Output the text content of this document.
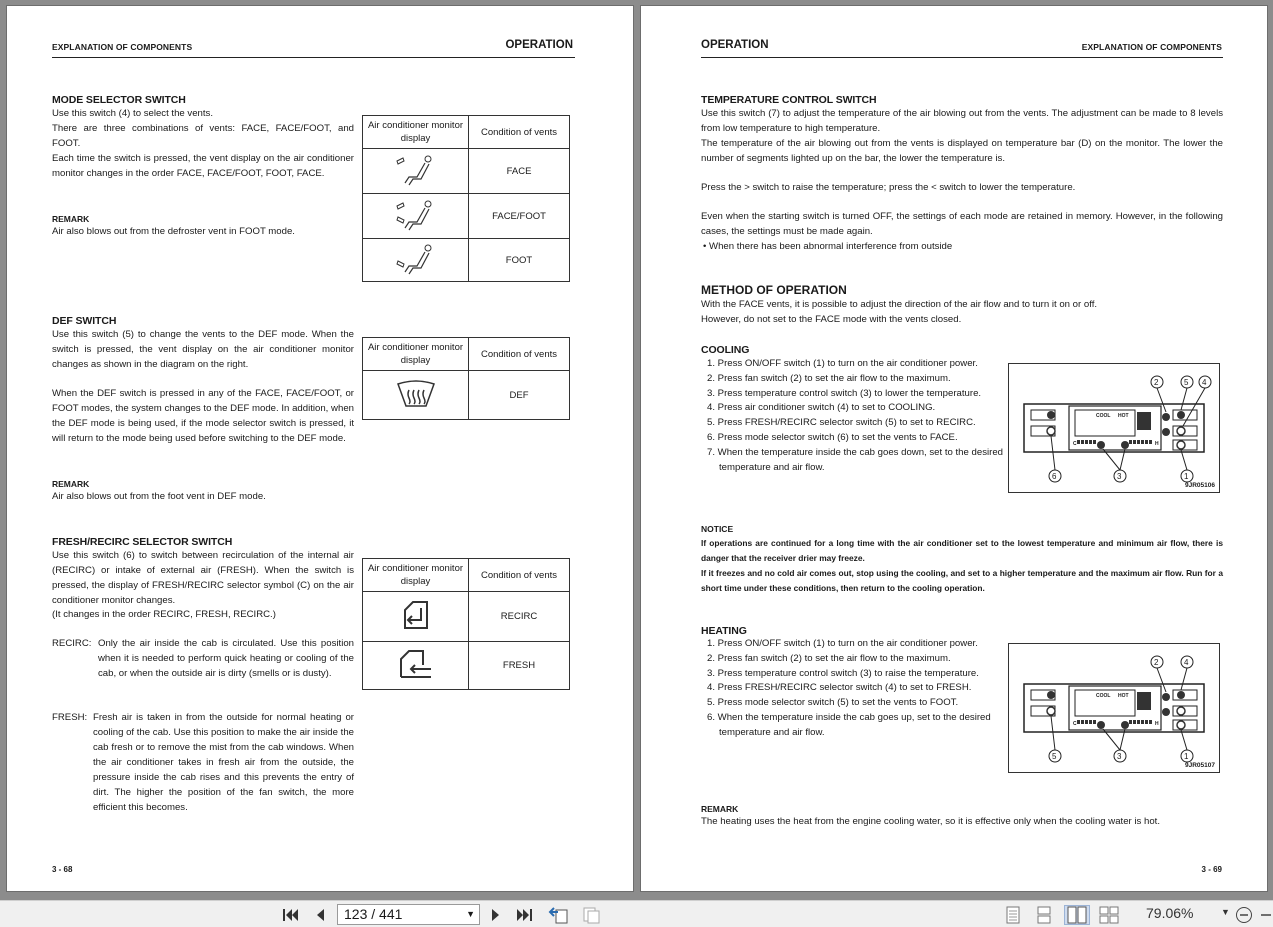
EXPLANATION OF COMPONENTS	OPERATION
MODE SELECTOR SWITCH

Use this switch (4) to select the vents.

There are three combinations of vents: FACE, FACE/FOOT, and FOOT.

Each time the switch is pressed, the vent display on the air conditioner monitor changes in the order FACE, FACE/FOOT, FOOT, FACE.

REMARK
Air also blows out from the defroster vent in FOOT mode.
Air conditioner monitor display	Condition of vents
	FACE
	FACE/FOOT
	FOOT
DEF SWITCH
Use this switch (5) to change the vents to the DEF mode. When the switch is pressed, the vent display on the air conditioner monitor changes as shown in the diagram on the right.
When the DEF switch is pressed in any of the FACE, FACE/FOOT, or FOOT modes, the system changes to the DEF mode. In addition, when the DEF mode is being used, if the mode selector switch is pressed, it will return to the mode being used before switching to the DEF mode.
REMARK
Air also blows out from the foot vent in DEF mode.
Air conditioner monitor display	Condition of vents
	DEF
FRESH/RECIRC SELECTOR SWITCH
Use this switch (6) to switch between recirculation of the internal air (RECIRC) or intake of external air (FRESH). When the switch is pressed, the display of FRESH/RECIRC selector symbol (C) on the air conditioner monitor changes.
(It changes in the order RECIRC, FRESH, RECIRC.)
RECIRC: Only the air inside the cab is circulated. Use this position when it is needed to perform quick heating or cooling of the cab, or when the outside air is dirty (smells or is dusty).
FRESH: Fresh air is taken in from the outside for normal heating or cooling of the cab. Use this position to make the air inside the cab fresh or to remove the mist from the cab windows. When the air conditioner takes in fresh air from the outside, the pressure inside the cab rises and this prevents the entry of dirt. The higher the position of the fan switch, the more efficient this becomes.
Air conditioner monitor display	Condition of vents
	RECIRC
	FRESH
3 - 68
OPERATION	EXPLANATION OF COMPONENTS
TEMPERATURE CONTROL SWITCH
Use this switch (7) to adjust the temperature of the air blowing out from the vents. The adjustment can be made to 8 levels from low temperature to high temperature.
The temperature of the air blowing out from the vents is displayed on temperature bar (D) on the monitor. The lower the number of segments lighted up on the bar, the lower the temperature is.
Press the > switch to raise the temperature; press the < switch to lower the temperature.
Even when the starting switch is turned OFF, the settings of each mode are retained in memory. However, in the following cases, the settings must be made again.
• When there has been abnormal interference from outside
METHOD OF OPERATION
With the FACE vents, it is possible to adjust the direction of the air flow and to turn it on or off.
However, do not set to the FACE mode with the vents closed.
COOLING
1. Press ON/OFF switch (1) to turn on the air conditioner power.
2. Press fan switch (2) to set the air flow to the maximum.
3. Press temperature control switch (3) to lower the temperature.
4. Press air conditioner switch (4) to set to COOLING.
5. Press FRESH/RECIRC selector switch (5) to set to RECIRC.
6. Press mode selector switch (6) to set the vents to FACE.
7. When the temperature inside the cab goes down, set to the desired temperature and air flow.
COOL HOT
C	H
2	5 4
6	3	1
9JR05106
NOTICE
If operations are continued for a long time with the air conditioner set to the lowest temperature and minimum air flow, there is danger that the receiver drier may freeze.
If it freezes and no cold air comes out, stop using the cooling, and set to a higher temperature and the maximum air flow. Run for a short time under these conditions, then return to the cooling operation.
HEATING
1. Press ON/OFF switch (1) to turn on the air conditioner power.
2. Press fan switch (2) to set the air flow to the maximum.
3. Press temperature control switch (3) to raise the temperature.
4. Press FRESH/RECIRC selector switch (4) to set to FRESH.
5. Press mode selector switch (5) to set the vents to FOOT.
6. When the temperature inside the cab goes up, set to the desired temperature and air flow.
COOL HOT
C	H
2	4
5	3	1
9JR05107
REMARK
The heating uses the heat from the engine cooling water, so it is effective only when the cooling water is hot.
3 - 69
123 / 441	▼	79.06%	▼
